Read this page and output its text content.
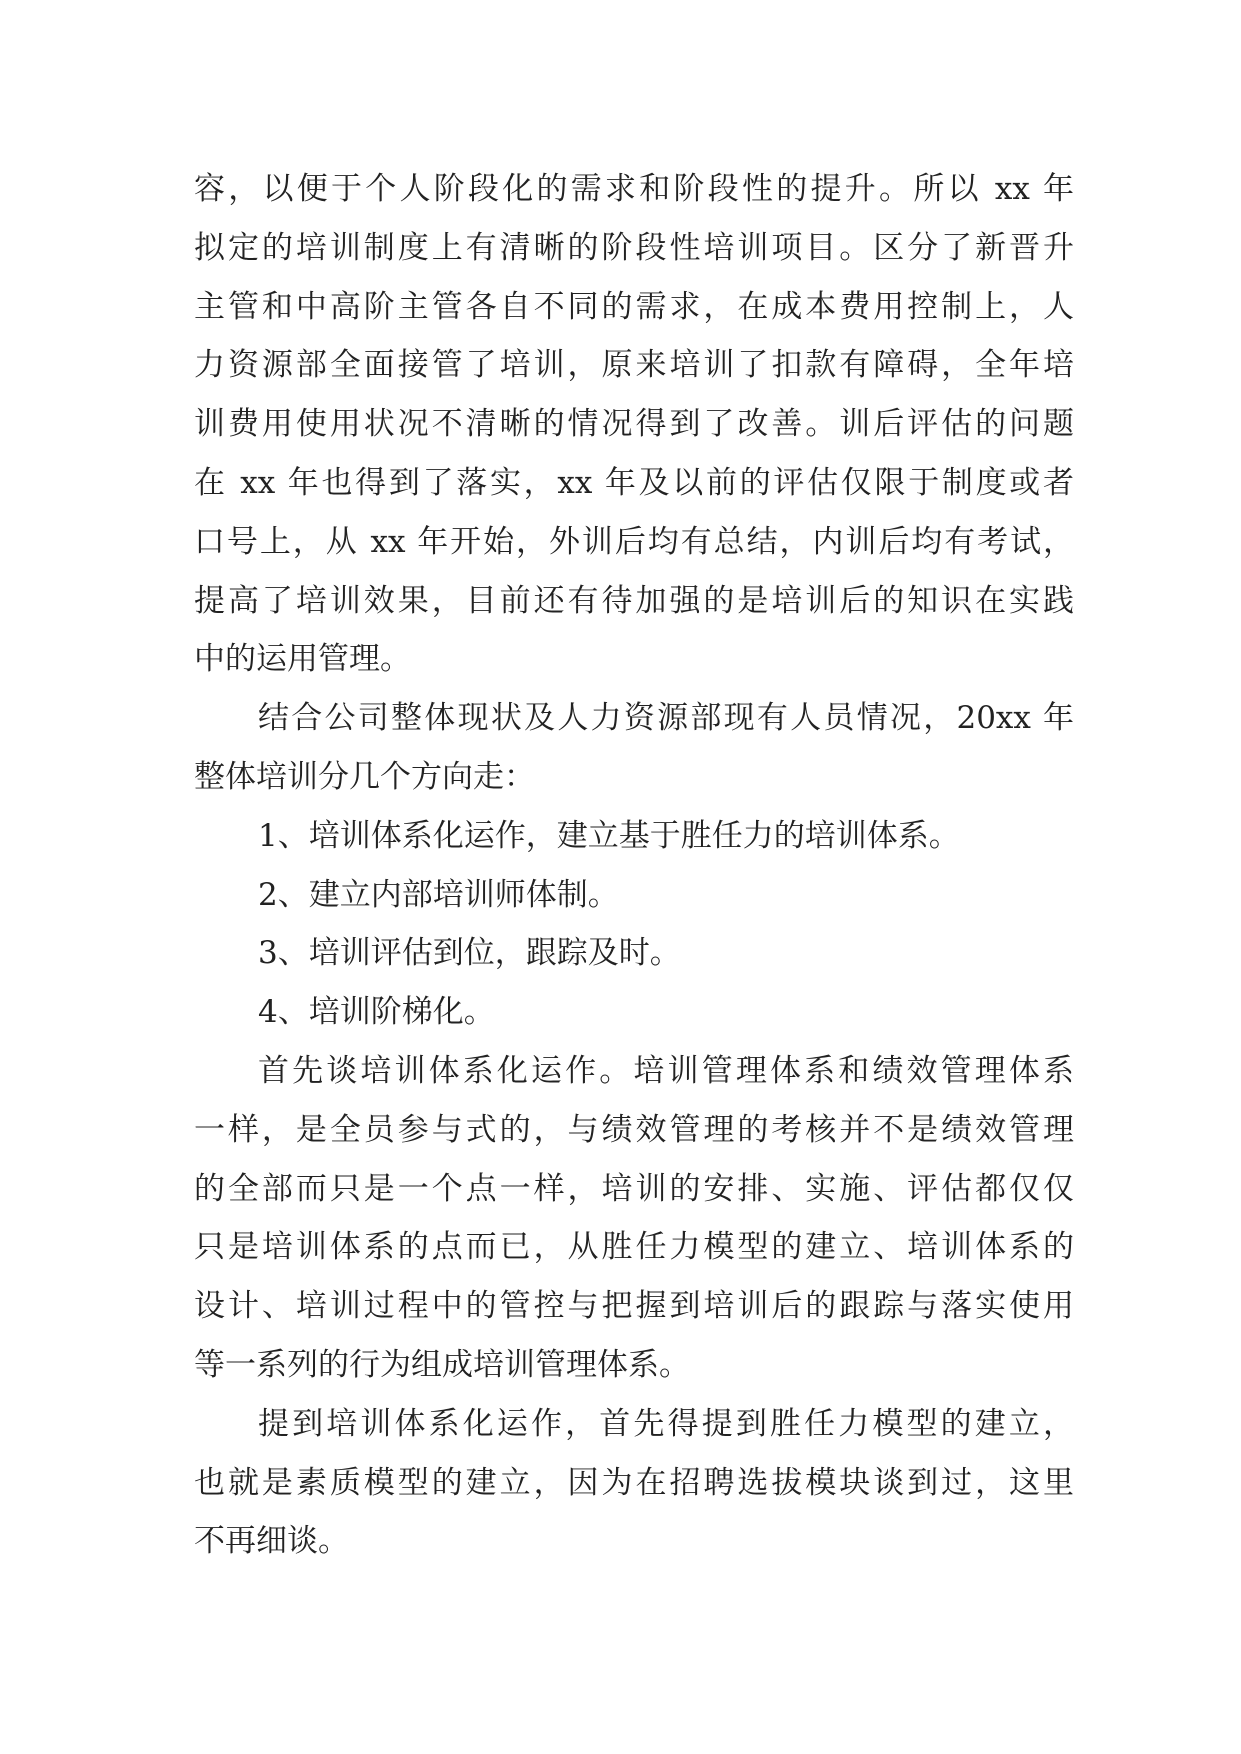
容，以便于个人阶段化的需求和阶段性的提升。所以 xx 年
拟定的培训制度上有清晰的阶段性培训项目。区分了新晋升
主管和中高阶主管各自不同的需求，在成本费用控制上，人
力资源部全面接管了培训，原来培训了扣款有障碍，全年培
训费用使用状况不清晰的情况得到了改善。训后评估的问题
在 xx 年也得到了落实，xx 年及以前的评估仅限于制度或者
口号上，从 xx 年开始，外训后均有总结，内训后均有考试，
提高了培训效果，目前还有待加强的是培训后的知识在实践
中的运用管理。
结合公司整体现状及人力资源部现有人员情况，20xx 年
整体培训分几个方向走：
1、培训体系化运作，建立基于胜任力的培训体系。
2、建立内部培训师体制。
3、培训评估到位，跟踪及时。
4、培训阶梯化。
首先谈培训体系化运作。培训管理体系和绩效管理体系
一样，是全员参与式的，与绩效管理的考核并不是绩效管理
的全部而只是一个点一样，培训的安排、实施、评估都仅仅
只是培训体系的点而已，从胜任力模型的建立、培训体系的
设计、培训过程中的管控与把握到培训后的跟踪与落实使用
等一系列的行为组成培训管理体系。
提到培训体系化运作，首先得提到胜任力模型的建立，
也就是素质模型的建立，因为在招聘选拔模块谈到过，这里
不再细谈。
